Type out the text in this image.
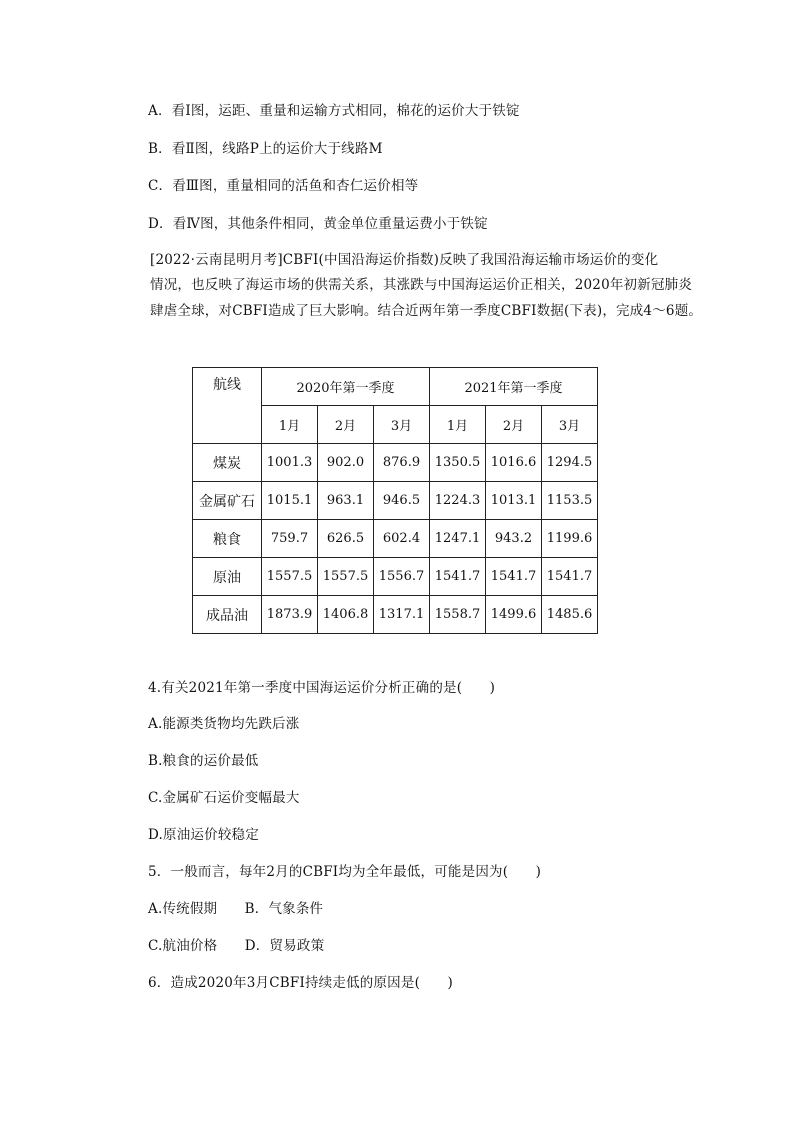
A．看Ⅰ图，运距、重量和运输方式相同，棉花的运价大于铁锭
B．看Ⅱ图，线路P上的运价大于线路M
C．看Ⅲ图，重量相同的活鱼和杏仁运价相等
D．看Ⅳ图，其他条件相同，黄金单位重量运费小于铁锭
[2022·云南昆明月考]CBFI(中国沿海运价指数)反映了我国沿海运输市场运价的变化
情况，也反映了海运市场的供需关系，其涨跌与中国海运运价正相关，2020年初新冠肺炎
肆虐全球，对CBFI造成了巨大影响。结合近两年第一季度CBFI数据(下表)，完成4～6题。
航线	2020年第一季度			2021年第一季度		
	1月	2月	3月	1月	2月	3月
煤炭	1001.3	902.0	876.9	1350.5	1016.6	1294.5
金属矿石	1015.1	963.1	946.5	1224.3	1013.1	1153.5
粮食	759.7	626.5	602.4	1247.1	943.2	1199.6
原油	1557.5	1557.5	1556.7	1541.7	1541.7	1541.7
成品油	1873.9	1406.8	1317.1	1558.7	1499.6	1485.6
4.有关2021年第一季度中国海运运价分析正确的是(　　)
A.能源类货物均先跌后涨
B.粮食的运价最低
C.金属矿石运价变幅最大
D.原油运价较稳定
5．一般而言，每年2月的CBFI均为全年最低，可能是因为(　　)
A.传统假期　　B．气象条件
C.航油价格　　D．贸易政策
6．造成2020年3月CBFI持续走低的原因是(　　)
